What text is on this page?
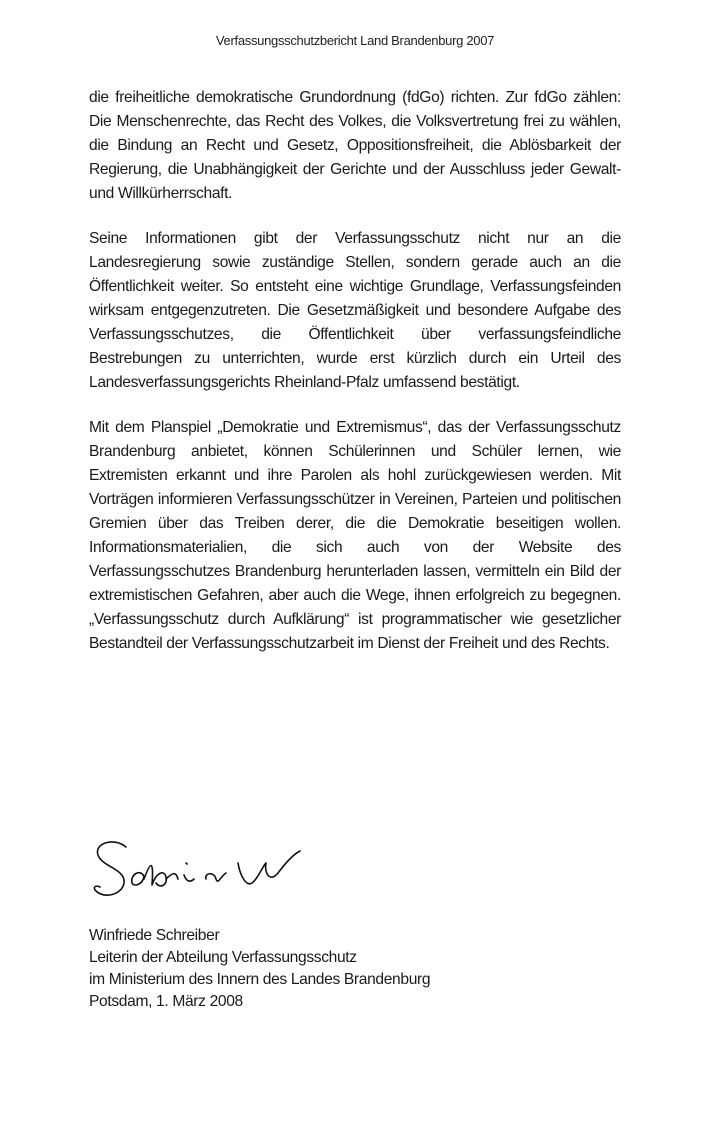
Verfassungsschutzbericht Land Brandenburg 2007

die freiheitliche demokratische Grundordnung (fdGo) richten. Zur fdGo zählen: Die Menschenrechte, das Recht des Volkes, die Volksvertretung frei zu wählen, die Bindung an Recht und Gesetz, Oppositionsfreiheit, die Ablösbarkeit der Regierung, die Unabhängigkeit der Gerichte und der Ausschluss jeder Gewalt- und Willkürherrschaft.

Seine Informationen gibt der Verfassungsschutz nicht nur an die Landesregierung sowie zuständige Stellen, sondern gerade auch an die Öffentlichkeit weiter. So entsteht eine wichtige Grundlage, Verfassungsfeinden wirksam entgegenzutreten. Die Gesetzmäßigkeit und besondere Aufgabe des Verfassungsschutzes, die Öffentlichkeit über verfassungsfeindliche Bestrebungen zu unterrichten, wurde erst kürzlich durch ein Urteil des Landesverfassungsgerichts Rheinland-Pfalz umfassend bestätigt.

Mit dem Planspiel „Demokratie und Extremismus“, das der Verfassungsschutz Brandenburg anbietet, können Schülerinnen und Schüler lernen, wie Extremisten erkannt und ihre Parolen als hohl zurückgewiesen werden. Mit Vorträgen informieren Verfassungsschützer in Vereinen, Parteien und politischen Gremien über das Treiben derer, die die Demokratie beseitigen wollen. Informationsmaterialien, die sich auch von der Website des Verfassungsschutzes Brandenburg herunterladen lassen, vermitteln ein Bild der extremistischen Gefahren, aber auch die Wege, ihnen erfolgreich zu begegnen. „Verfassungsschutz durch Aufklärung“ ist programmatischer wie gesetzlicher Bestandteil der Verfassungsschutzarbeit im Dienst der Freiheit und des Rechts.

Winfriede Schreiber
Leiterin der Abteilung Verfassungsschutz
im Ministerium des Innern des Landes Brandenburg
Potsdam, 1. März 2008
